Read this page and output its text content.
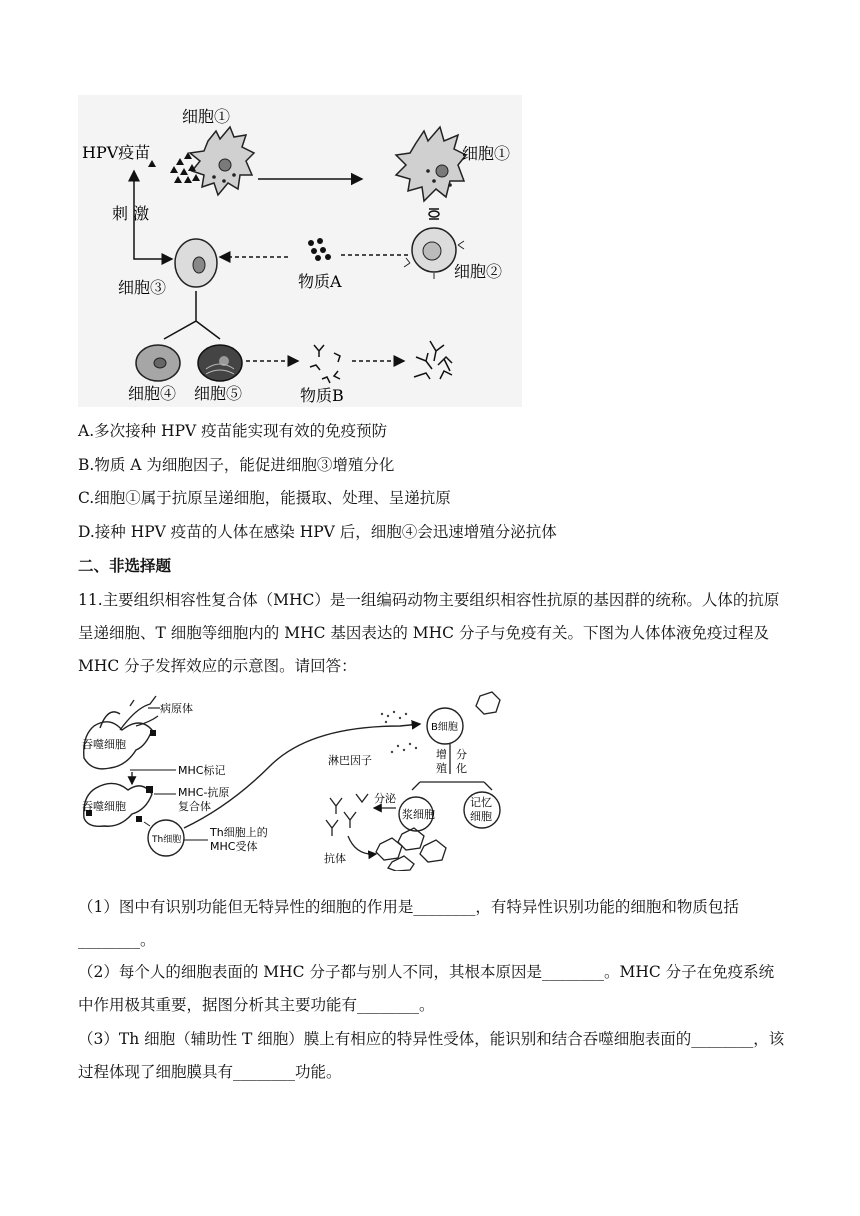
细胞①
HPV疫苗	细胞①
刺 激
细胞③	物质A
细胞②
细胞④ 细胞⑤	物质B
A.多次接种 HPV 疫苗能实现有效的免疫预防
B.物质 A 为细胞因子，能促进细胞③增殖分化
C.细胞①属于抗原呈递细胞，能摄取、处理、呈递抗原
D.接种 HPV 疫苗的人体在感染 HPV 后，细胞④会迅速增殖分泌抗体
二、非选择题
11.主要组织相容性复合体（MHC）是一组编码动物主要组织相容性抗原的基因群的统称。人体的抗原呈递细胞、T 细胞等细胞内的 MHC 基因表达的 MHC 分子与免疫有关。下图为人体体液免疫过程及 MHC 分子发挥效应的示意图。请回答：
病原体
吞噬细胞
MHC标记
MHC-抗原
复合体
吞噬细胞
Th细胞
Th细胞上的
MHC受体
淋巴因子
B细胞
增
殖
分
化
分泌
浆细胞
记忆
细胞
抗体
（1）图中有识别功能但无特异性的细胞的作用是________，有特异性识别功能的细胞和物质包括________。
（2）每个人的细胞表面的 MHC 分子都与别人不同，其根本原因是________。MHC 分子在免疫系统中作用极其重要，据图分析其主要功能有________。
（3）Th 细胞（辅助性 T 细胞）膜上有相应的特异性受体，能识别和结合吞噬细胞表面的________，该过程体现了细胞膜具有________功能。
